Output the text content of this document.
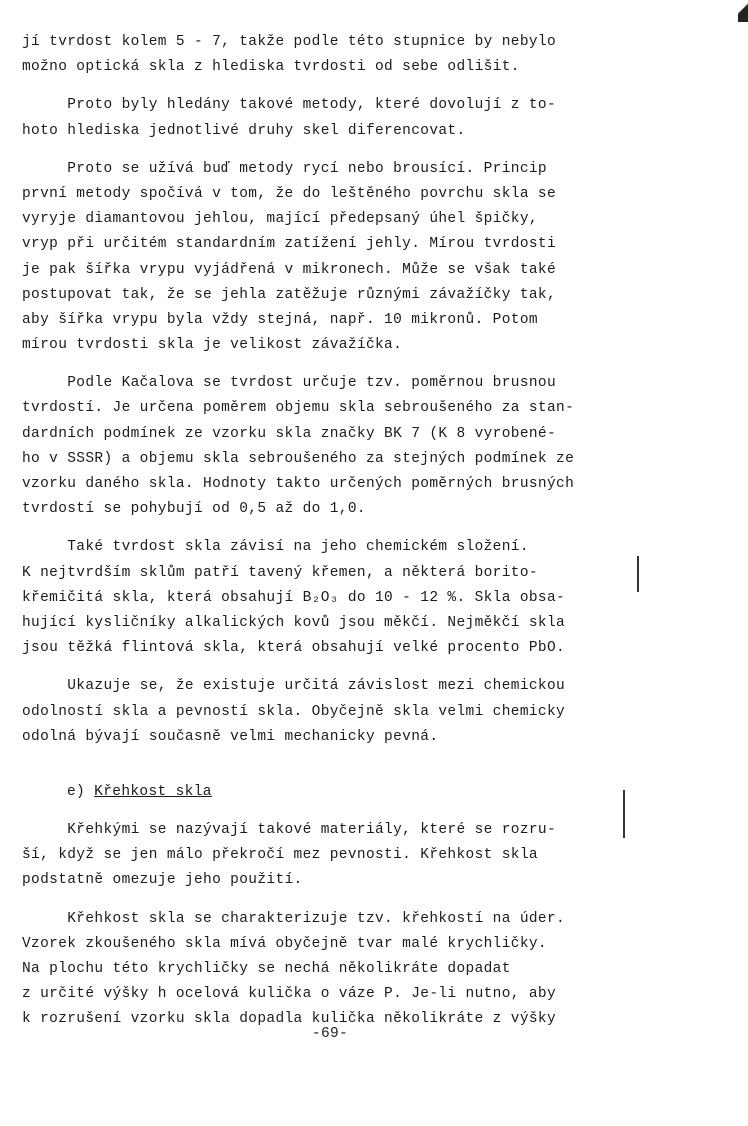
jí tvrdost kolem 5 - 7, takže podle této stupnice by nebylo
možno optická skla z hlediska tvrdosti od sebe odlišit.
Proto byly hledány takové metody, které dovolují z to-
hoto hlediska jednotlivé druhy skel diferencovat.
Proto se užívá buď metody rycí nebo brousící. Princip
první metody spočívá v tom, že do leštěného povrchu skla se
vyryje diamantovou jehlou, mající předepsaný úhel špičky,
vryp při určitém standardním zatížení jehly. Mírou tvrdosti
je pak šířka vrypu vyjádřená v mikronech. Může se však také
postupovat tak, že se jehla zatěžuje různými závažíčky tak,
aby šířka vrypu byla vždy stejná, např. 10 mikronů. Potom
mírou tvrdosti skla je velikost závažíčka.
Podle Kačalova se tvrdost určuje tzv. poměrnou brusnou
tvrdostí. Je určena poměrem objemu skla sebroušeného za stan-
dardních podmínek ze vzorku skla značky BK 7 (K 8 vyrobené-
ho v SSSR) a objemu skla sebroušeného za stejných podmínek ze
vzorku daného skla. Hodnoty takto určených poměrných brusných
tvrdostí se pohybují od 0,5 až do 1,0.
Také tvrdost skla závisí na jeho chemickém složení.
K nejtvrdším sklům patří tavený křemen, a některá borito-
křemičitá skla, která obsahují B₂O₃ do 10 - 12 %. Skla obsa-
hující kysličníky alkalických kovů jsou měkčí. Nejměkčí skla
jsou těžká flintová skla, která obsahují velké procento PbO.
Ukazuje se, že existuje určitá závislost mezi chemickou
odolností skla a pevností skla. Obyčejně skla velmi chemicky
odolná bývají současně velmi mechanicky pevná.
e) Křehkost skla
Křehkými se nazývají takové materiály, které se rozru-
ší, když se jen málo překročí mez pevnosti. Křehkost skla
podstatně omezuje jeho použití.
Křehkost skla se charakterizuje tzv. křehkostí na úder.
Vzorek zkoušeného skla mívá obyčejně tvar malé krychličky.
Na plochu této krychličky se nechá několikráte dopadat
z určité výšky h ocelová kulička o váze P. Je-li nutno, aby
k rozrušení vzorku skla dopadla kulička několikráte z výšky
-69-
